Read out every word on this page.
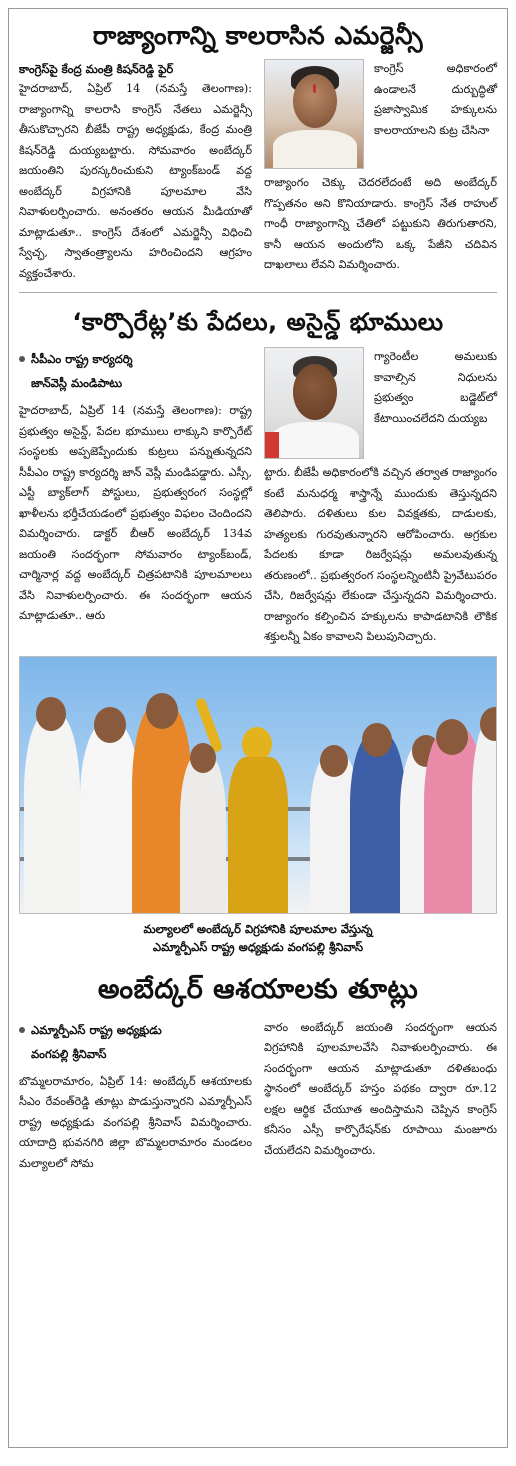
రాజ్యాంగాన్ని కాలరాసిన ఎమర్జెన్సీ
కాంగ్రెస్‌పై కేంద్ర మంత్రి కిషన్‌రెడ్డి ఫైర్
హైదరాబాద్, ఏప్రిల్ 14 (నమస్తే తెలంగాణ): రాజ్యాంగాన్ని కాలరాసి కాంగ్రెస్ నేతలు ఎమర్జెన్సీ తీసుకొచ్చారని బీజేపీ రాష్ట్ర అధ్యక్షుడు, కేంద్ర మంత్రి కిషన్‌రెడ్డి దుయ్యబట్టారు. సోమవారం అంబేద్కర్ జయంతిని పురస్కరించుకుని ట్యాంక్‌బండ్ వద్ద అంబేద్కర్ విగ్రహానికి పూలమాల వేసి నివాళులర్పించారు. అనంతరం ఆయన మీడియాతో మాట్లాడుతూ.. కాంగ్రెస్ దేశంలో ఎమర్జెన్సీ విధించి స్వేచ్ఛ, స్వాతంత్ర్యాలను హరించిందని ఆగ్రహం వ్యక్తంచేశారు.
కాంగ్రెస్ అధికారంలో ఉండాలనే దుర్బుద్ధితో ప్రజాస్వామిక హక్కులను కాలరాయాలని కుట్ర చేసినా
రాజ్యాంగం చెక్కు చెదరలేదంటే అది అంబేద్కర్ గొప్పతనం అని కొనియాడారు. కాంగ్రెస్ నేత రాహుల్ గాంధీ రాజ్యాంగాన్ని చేతిలో పట్టుకుని తిరుగుతారని, కానీ ఆయన అందులోని ఒక్క పేజీని చదివిన దాఖలాలు లేవని విమర్శించారు.
‘కార్పొరేట్ల’కు పేదలు, అసైన్డ్ భూములు
సీపీఎం రాష్ట్ర కార్యదర్శి
జాన్‌వెస్లీ మండిపాటు
హైదరాబాద్, ఏప్రిల్ 14 (నమస్తే తెలంగాణ): రాష్ట్ర ప్రభుత్వం అసైన్డ్, పేదల భూములు లాక్కుని కార్పొరేట్ సంస్థలకు అప్పజెప్పేందుకు కుట్రలు పన్నుతున్నదని సీపీఎం రాష్ట్ర కార్యదర్శి జాన్ వెస్లీ మండిపడ్డారు. ఎస్సీ, ఎస్టీ బ్యాక్‌లాగ్ పోస్టులు, ప్రభుత్వరంగ సంస్థల్లో ఖాళీలను భర్తీచేయడంలో ప్రభుత్వం విఫలం చెందిందని విమర్శించారు. డాక్టర్ బీఆర్ అంబేద్కర్ 134వ జయంతి సందర్భంగా సోమవారం ట్యాంక్‌బండ్, చార్మినార్ల వద్ద అంబేద్కర్ చిత్రపటానికి పూలమాలలు వేసి నివాళులర్పించారు. ఈ సందర్భంగా ఆయన మాట్లాడుతూ.. ఆరు
గ్యారెంటీల అమలుకు కావాల్సిన నిధులను ప్రభుత్వం బడ్జెట్‌లో కేటాయించలేదని దుయ్యబ
ట్టారు. బీజేపీ అధికారంలోకి వచ్చిన తర్వాత రాజ్యాంగం కంటే మనుధర్మ శాస్త్రాన్నే ముందుకు తెస్తున్నదని తెలిపారు. దళితులు కుల వివక్షతకు, దాడులకు, హత్యలకు గురవుతున్నారని ఆరోపించారు. అగ్రకుల పేదలకు కూడా రిజర్వేషన్లు అమలవుతున్న తరుణంలో.. ప్రభుత్వరంగ సంస్థలన్నింటినీ ప్రైవేటుపరం చేసి, రిజర్వేషన్లు లేకుండా చేస్తున్నదని విమర్శించారు. రాజ్యాంగం కల్పించిన హక్కులను కాపాడటానికి లౌకిక శక్తులన్నీ ఏకం కావాలని పిలుపునిచ్చారు.
మల్యాలలో అంబేద్కర్ విగ్రహానికి పూలమాల వేస్తున్న
ఎమ్మార్పీఎస్ రాష్ట్ర అధ్యక్షుడు వంగపల్లి శ్రీనివాస్
అంబేద్కర్ ఆశయాలకు తూట్లు
ఎమ్మార్పీఎస్ రాష్ట్ర అధ్యక్షుడు
వంగపల్లి శ్రీనివాస్
బొమ్మలరామారం, ఏప్రిల్ 14: అంబేద్కర్ ఆశయాలకు సీఎం రేవంత్‌రెడ్డి తూట్లు పొడుస్తున్నారని ఎమ్మార్పీఎస్ రాష్ట్ర అధ్యక్షుడు వంగపల్లి శ్రీనివాస్ విమర్శించారు. యాదాద్రి భువనగిరి జిల్లా బొమ్మలరామారం మండలం మల్యాలలో సోమ
వారం అంబేద్కర్ జయంతి సందర్భంగా ఆయన విగ్రహానికి పూలమాలవేసి నివాళులర్పించారు. ఈ సందర్భంగా ఆయన మాట్లాడుతూ దళితబంధు స్థానంలో అంబేద్కర్ హస్తం పథకం ద్వారా రూ.12 లక్షల ఆర్థిక చేయూత అందిస్తామని చెప్పిన కాంగ్రెస్ కనీసం ఎస్సీ కార్పొరేషన్‌కు రూపాయి మంజూరు చేయలేదని విమర్శించారు.
